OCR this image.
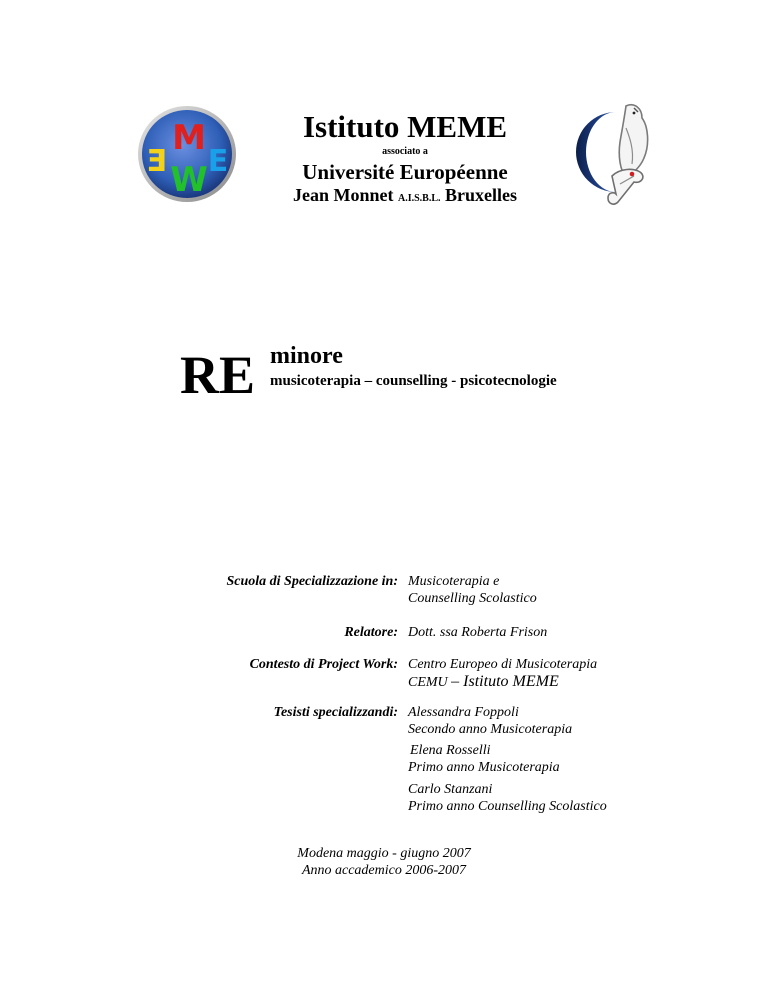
M
E
W
E
Istituto MEME
associato a
Université Européenne
Jean Monnet A.I.S.B.L. Bruxelles
RE minore
musicoterapia – counselling - psicotecnologie
Scuola di Specializzazione in: Musicoterapia e
Counselling Scolastico
Relatore: Dott. ssa Roberta Frison
Contesto di Project Work: Centro Europeo di Musicoterapia
CEMU – Istituto MEME
Tesisti specializzandi: Alessandra Foppoli
Secondo anno Musicoterapia
Elena Rosselli
Primo anno Musicoterapia
Carlo Stanzani
Primo anno Counselling Scolastico
Modena maggio - giugno 2007
Anno accademico 2006-2007
